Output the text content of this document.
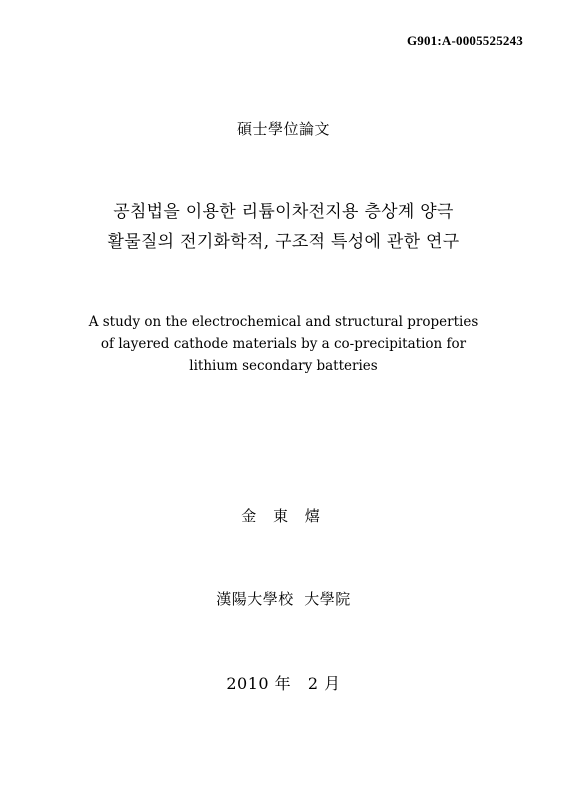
G901:A-0005525243
碩士學位論文
공침법을 이용한 리튬이차전지용 층상계 양극
활물질의 전기화학적, 구조적 특성에 관한 연구
A study on the electrochemical and structural properties
of layered cathode materials by a co-precipitation for
lithium secondary batteries
金 東 熺
漢陽大學校  大學院
2010 年   2 月
